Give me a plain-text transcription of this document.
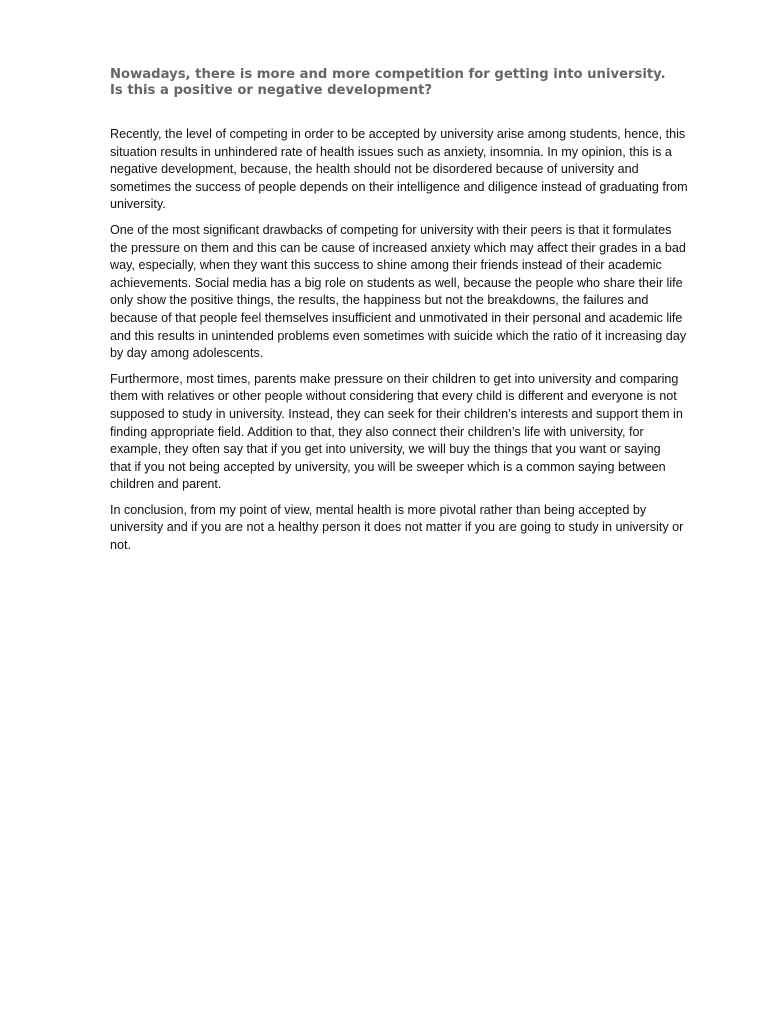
Nowadays, there is more and more competition for getting into university.
Is this a positive or negative development?

Recently, the level of competing in order to be accepted by university arise among students, hence, this
situation results in unhindered rate of health issues such as anxiety, insomnia. In my opinion, this is a
negative development, because, the health should not be disordered because of university and
sometimes the success of people depends on their intelligence and diligence instead of graduating from
university.

One of the most significant drawbacks of competing for university with their peers is that it formulates
the pressure on them and this can be cause of increased anxiety which may affect their grades in a bad
way, especially, when they want this success to shine among their friends instead of their academic
achievements. Social media has a big role on students as well, because the people who share their life
only show the positive things, the results, the happiness but not the breakdowns, the failures and
because of that people feel themselves insufficient and unmotivated in their personal and academic life
and this results in unintended problems even sometimes with suicide which the ratio of it increasing day
by day among adolescents.

Furthermore, most times, parents make pressure on their children to get into university and comparing
them with relatives or other people without considering that every child is different and everyone is not
supposed to study in university. Instead, they can seek for their children’s interests and support them in
finding appropriate field. Addition to that, they also connect their children’s life with university, for
example, they often say that if you get into university, we will buy the things that you want or saying
that if you not being accepted by university, you will be sweeper which is a common saying between
children and parent.

In conclusion, from my point of view, mental health is more pivotal rather than being accepted by
university and if you are not a healthy person it does not matter if you are going to study in university or
not.
